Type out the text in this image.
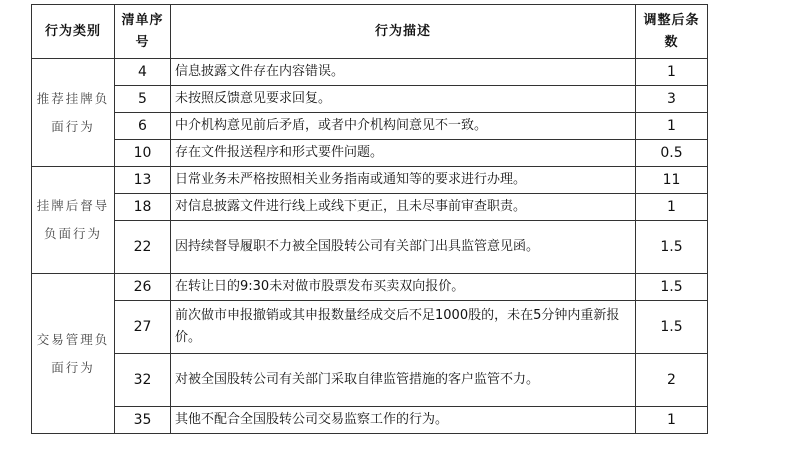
行为类别	清单序号	行为描述	调整后条数
推荐挂牌负面行为	4	信息披露文件存在内容错误。	1
	5	未按照反馈意见要求回复。	3
	6	中介机构意见前后矛盾，或者中介机构间意见不一致。	1
	10	存在文件报送程序和形式要件问题。	0.5
挂牌后督导负面行为	13	日常业务未严格按照相关业务指南或通知等的要求进行办理。	11
	18	对信息披露文件进行线上或线下更正，且未尽事前审查职责。	1
	22	因持续督导履职不力被全国股转公司有关部门出具监管意见函。	1.5
交易管理负面行为	26	在转让日的9:30未对做市股票发布买卖双向报价。	1.5
	27	前次做市申报撤销或其申报数量经成交后不足1000股的，未在5分钟内重新报价。	1.5
	32	对被全国股转公司有关部门采取自律监管措施的客户监管不力。	2
	35	其他不配合全国股转公司交易监察工作的行为。	1
